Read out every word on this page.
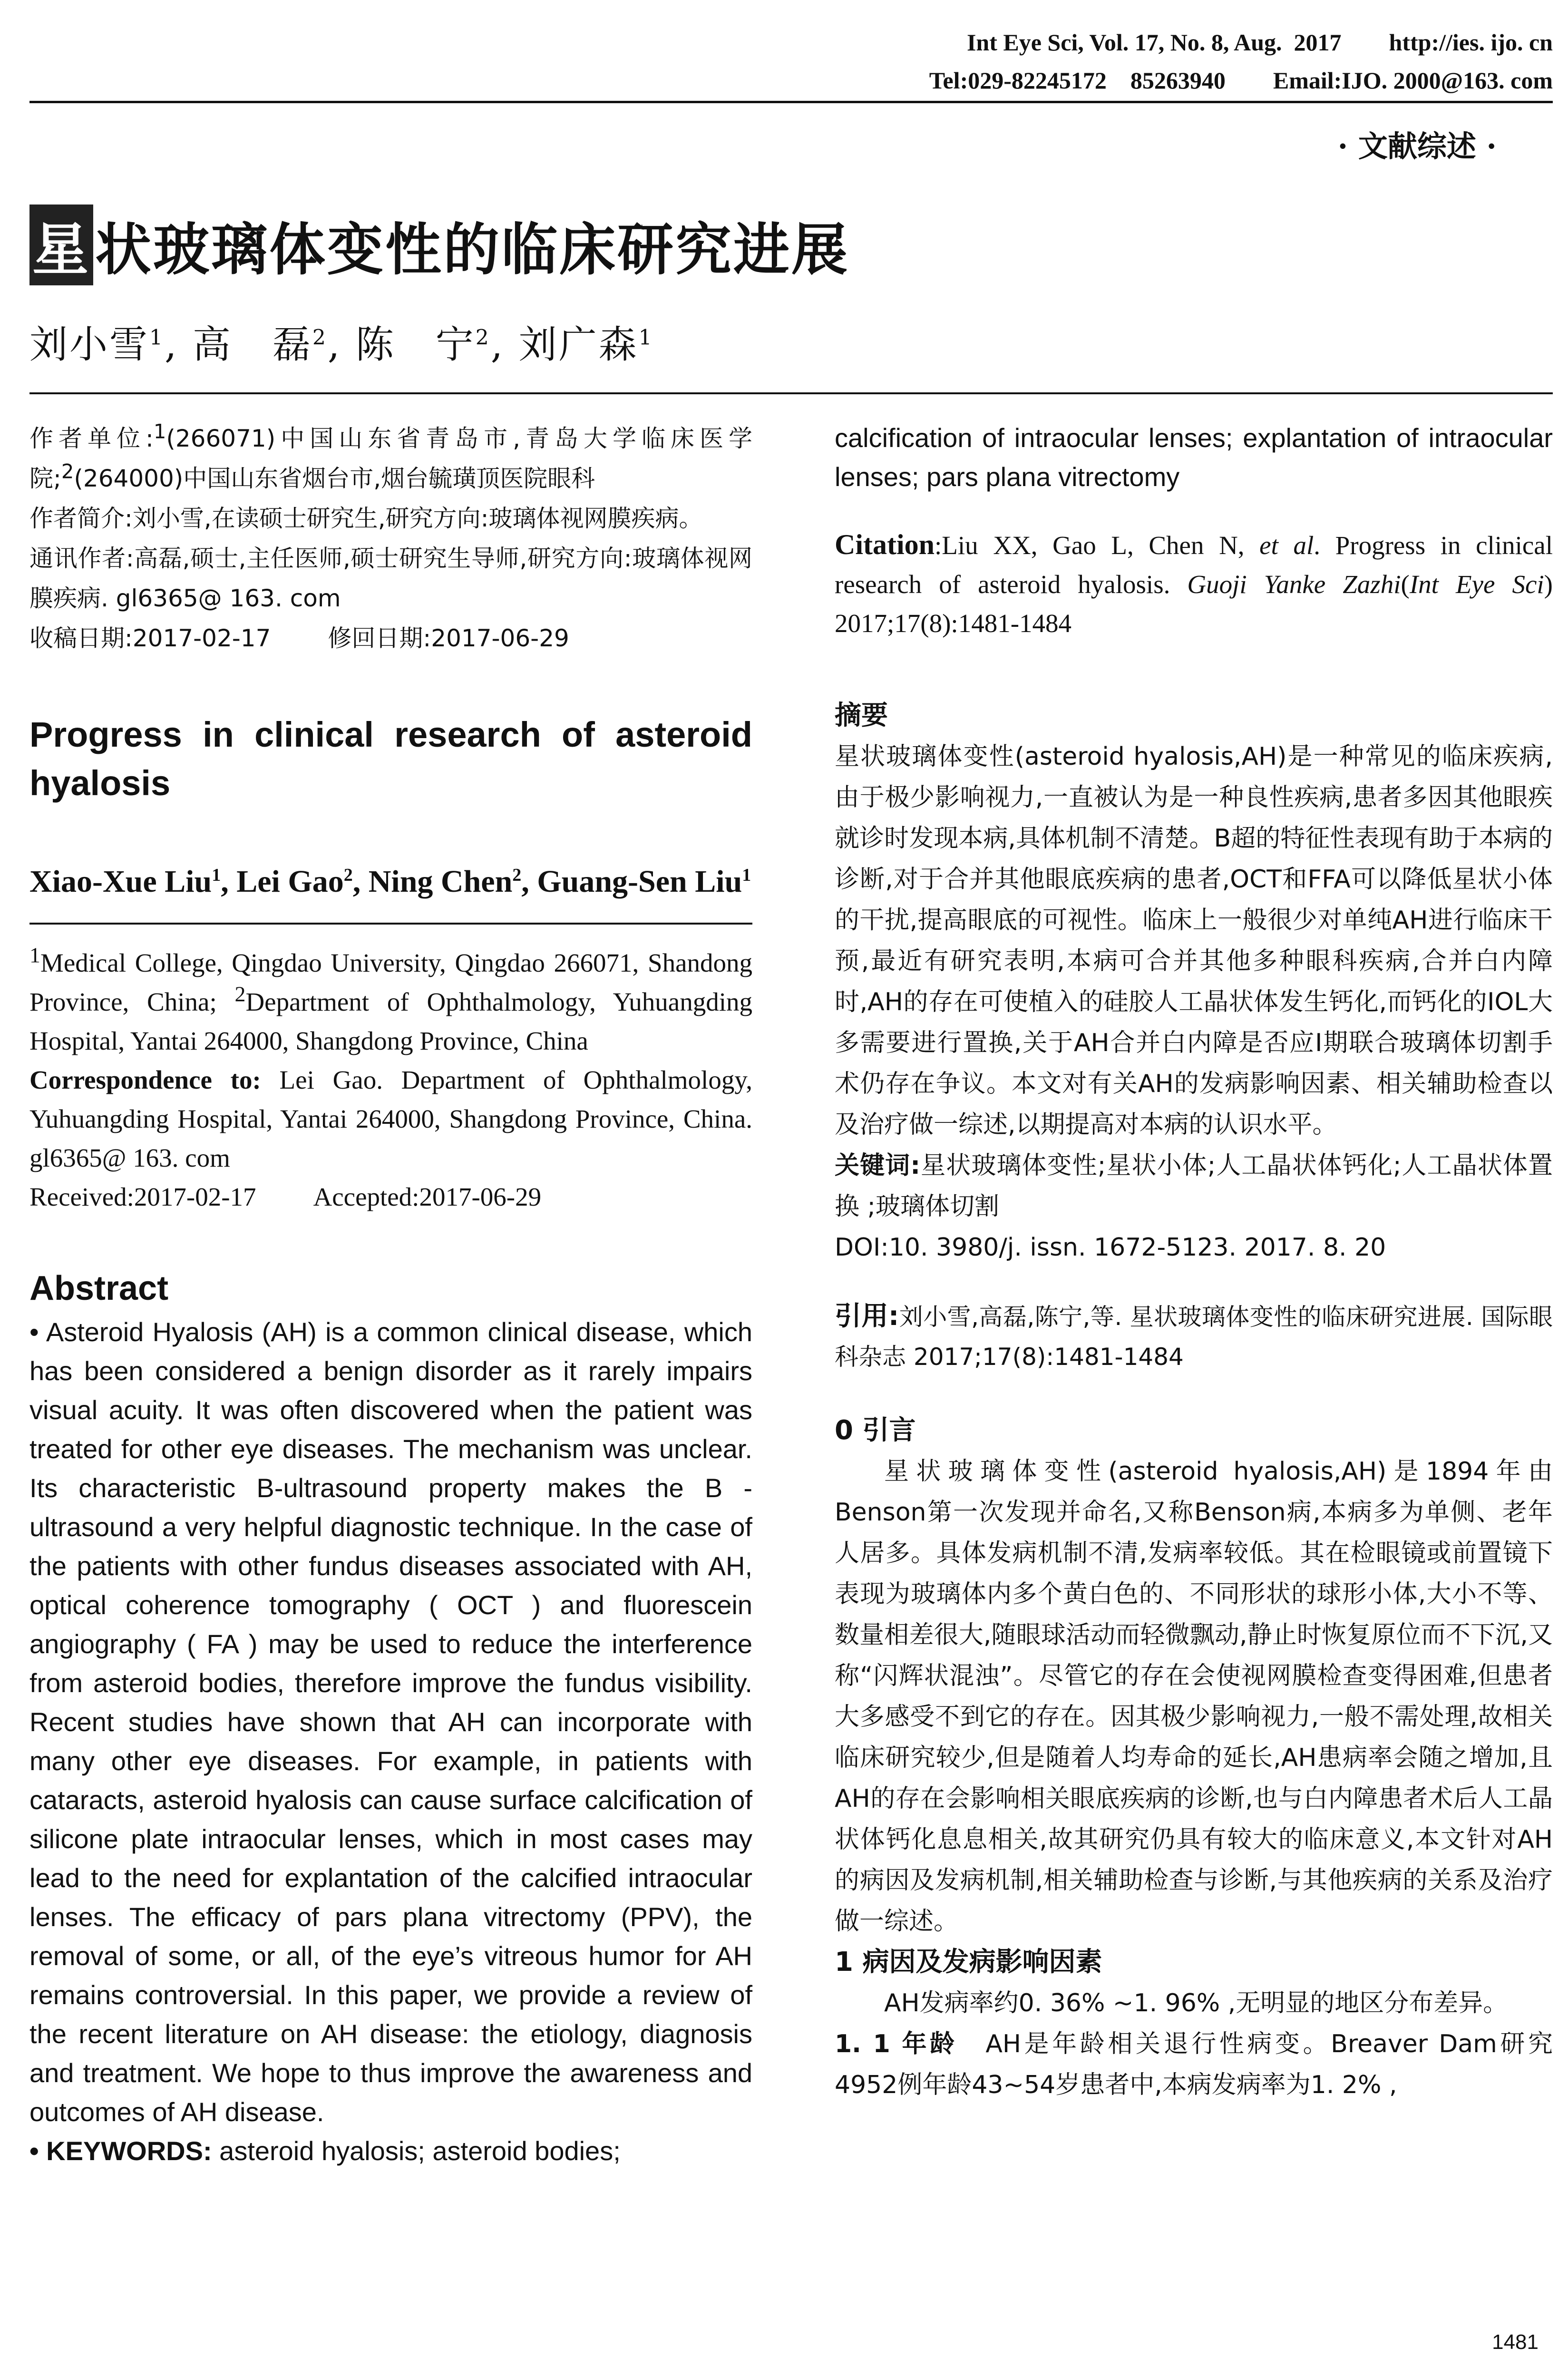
Int Eye Sci, Vol. 17, No. 8, Aug.  2017        http://ies. ijo. cn
Tel:029-82245172    85263940        Email:IJO. 2000@163. com
· 文献综述 ·
星状玻璃体变性的临床研究进展
刘小雪$^1$, 高　磊$^2$, 陈　宁$^2$, 刘广森$^1$

作者单位:$^1$(266071)中国山东省青岛市,青岛大学临床医学院;$^2$(264000)中国山东省烟台市,烟台毓璜顶医院眼科

作者简介:刘小雪,在读硕士研究生,研究方向:玻璃体视网膜疾病。

通讯作者:高磊,硕士,主任医师,硕士研究生导师,研究方向:玻璃体视网膜疾病. gl6365@ 163. com

收稿日期:2017-02-17 修回日期:2017-06-29

Progress in clinical research of asteroid hyalosis
Xiao-Xue Liu$^1$, Lei Gao$^2$, Ning Chen$^2$, Guang-Sen Liu$^1$

$^1$Medical College, Qingdao University, Qingdao 266071, Shandong Province, China; $^2$Department of Ophthalmology, Yuhuangding Hospital, Yantai 264000, Shangdong Province, China

Correspondence to: Lei Gao. Department of Ophthalmology, Yuhuangding Hospital, Yantai 264000, Shangdong Province, China. gl6365@ 163. com

Received:2017-02-17 Accepted:2017-06-29

Abstract
• Asteroid Hyalosis (AH) is a common clinical disease, which has been considered a benign disorder as it rarely impairs visual acuity. It was often discovered when the patient was treated for other eye diseases. The mechanism was unclear. Its characteristic B-ultrasound property makes the B - ultrasound a very helpful diagnostic technique. In the case of the patients with other fundus diseases associated with AH, optical coherence tomography ( OCT ) and fluorescein angiography ( FA ) may be used to reduce the interference from asteroid bodies, therefore improve the fundus visibility. Recent studies have shown that AH can incorporate with many other eye diseases. For example, in patients with cataracts, asteroid hyalosis can cause surface calcification of silicone plate intraocular lenses, which in most cases may lead to the need for explantation of the calcified intraocular lenses. The efficacy of pars plana vitrectomy (PPV), the removal of some, or all, of the eye’s vitreous humor for AH remains controversial. In this paper, we provide a review of the recent literature on AH disease: the etiology, diagnosis and treatment. We hope to thus improve the awareness and outcomes of AH disease.
• KEYWORDS: asteroid hyalosis; asteroid bodies;
calcification of intraocular lenses; explantation of intraocular lenses; pars plana vitrectomy
Citation:Liu XX, Gao L, Chen N, et al. Progress in clinical research of asteroid hyalosis. Guoji Yanke Zazhi(Int Eye Sci) 2017;17(8):1481-1484
摘要
星状玻璃体变性(asteroid hyalosis,AH)是一种常见的临床疾病,由于极少影响视力,一直被认为是一种良性疾病,患者多因其他眼疾就诊时发现本病,具体机制不清楚。B超的特征性表现有助于本病的诊断,对于合并其他眼底疾病的患者,OCT和FFA可以降低星状小体的干扰,提高眼底的可视性。临床上一般很少对单纯AH进行临床干预,最近有研究表明,本病可合并其他多种眼科疾病,合并白内障时,AH的存在可使植入的硅胶人工晶状体发生钙化,而钙化的IOL大多需要进行置换,关于AH合并白内障是否应Ⅰ期联合玻璃体切割手术仍存在争议。本文对有关AH的发病影响因素、相关辅助检查以及治疗做一综述,以期提高对本病的认识水平。
关键词:星状玻璃体变性;星状小体;人工晶状体钙化;人工晶状体置换 ;玻璃体切割
DOI:10. 3980/j. issn. 1672-5123. 2017. 8. 20
引用:刘小雪,高磊,陈宁,等. 星状玻璃体变性的临床研究进展. 国际眼科杂志 2017;17(8):1481-1484
0 引言
星状玻璃体变性(asteroid hyalosis,AH)是1894年由Benson第一次发现并命名,又称Benson病,本病多为单侧、老年人居多。具体发病机制不清,发病率较低。其在检眼镜或前置镜下表现为玻璃体内多个黄白色的、不同形状的球形小体,大小不等、数量相差很大,随眼球活动而轻微飘动,静止时恢复原位而不下沉,又称“闪辉状混浊”。尽管它的存在会使视网膜检查变得困难,但患者大多感受不到它的存在。因其极少影响视力,一般不需处理,故相关临床研究较少,但是随着人均寿命的延长,AH患病率会随之增加,且AH的存在会影响相关眼底疾病的诊断,也与白内障患者术后人工晶状体钙化息息相关,故其研究仍具有较大的临床意义,本文针对AH的病因及发病机制,相关辅助检查与诊断,与其他疾病的关系及治疗做一综述。
1 病因及发病影响因素
AH发病率约0. 36% ~1. 96% ,无明显的地区分布差异。
1. 1 年龄　 AH是年龄相关退行性病变。Breaver Dam研究4952例年龄43~54岁患者中,本病发病率为1. 2% ,
1481
